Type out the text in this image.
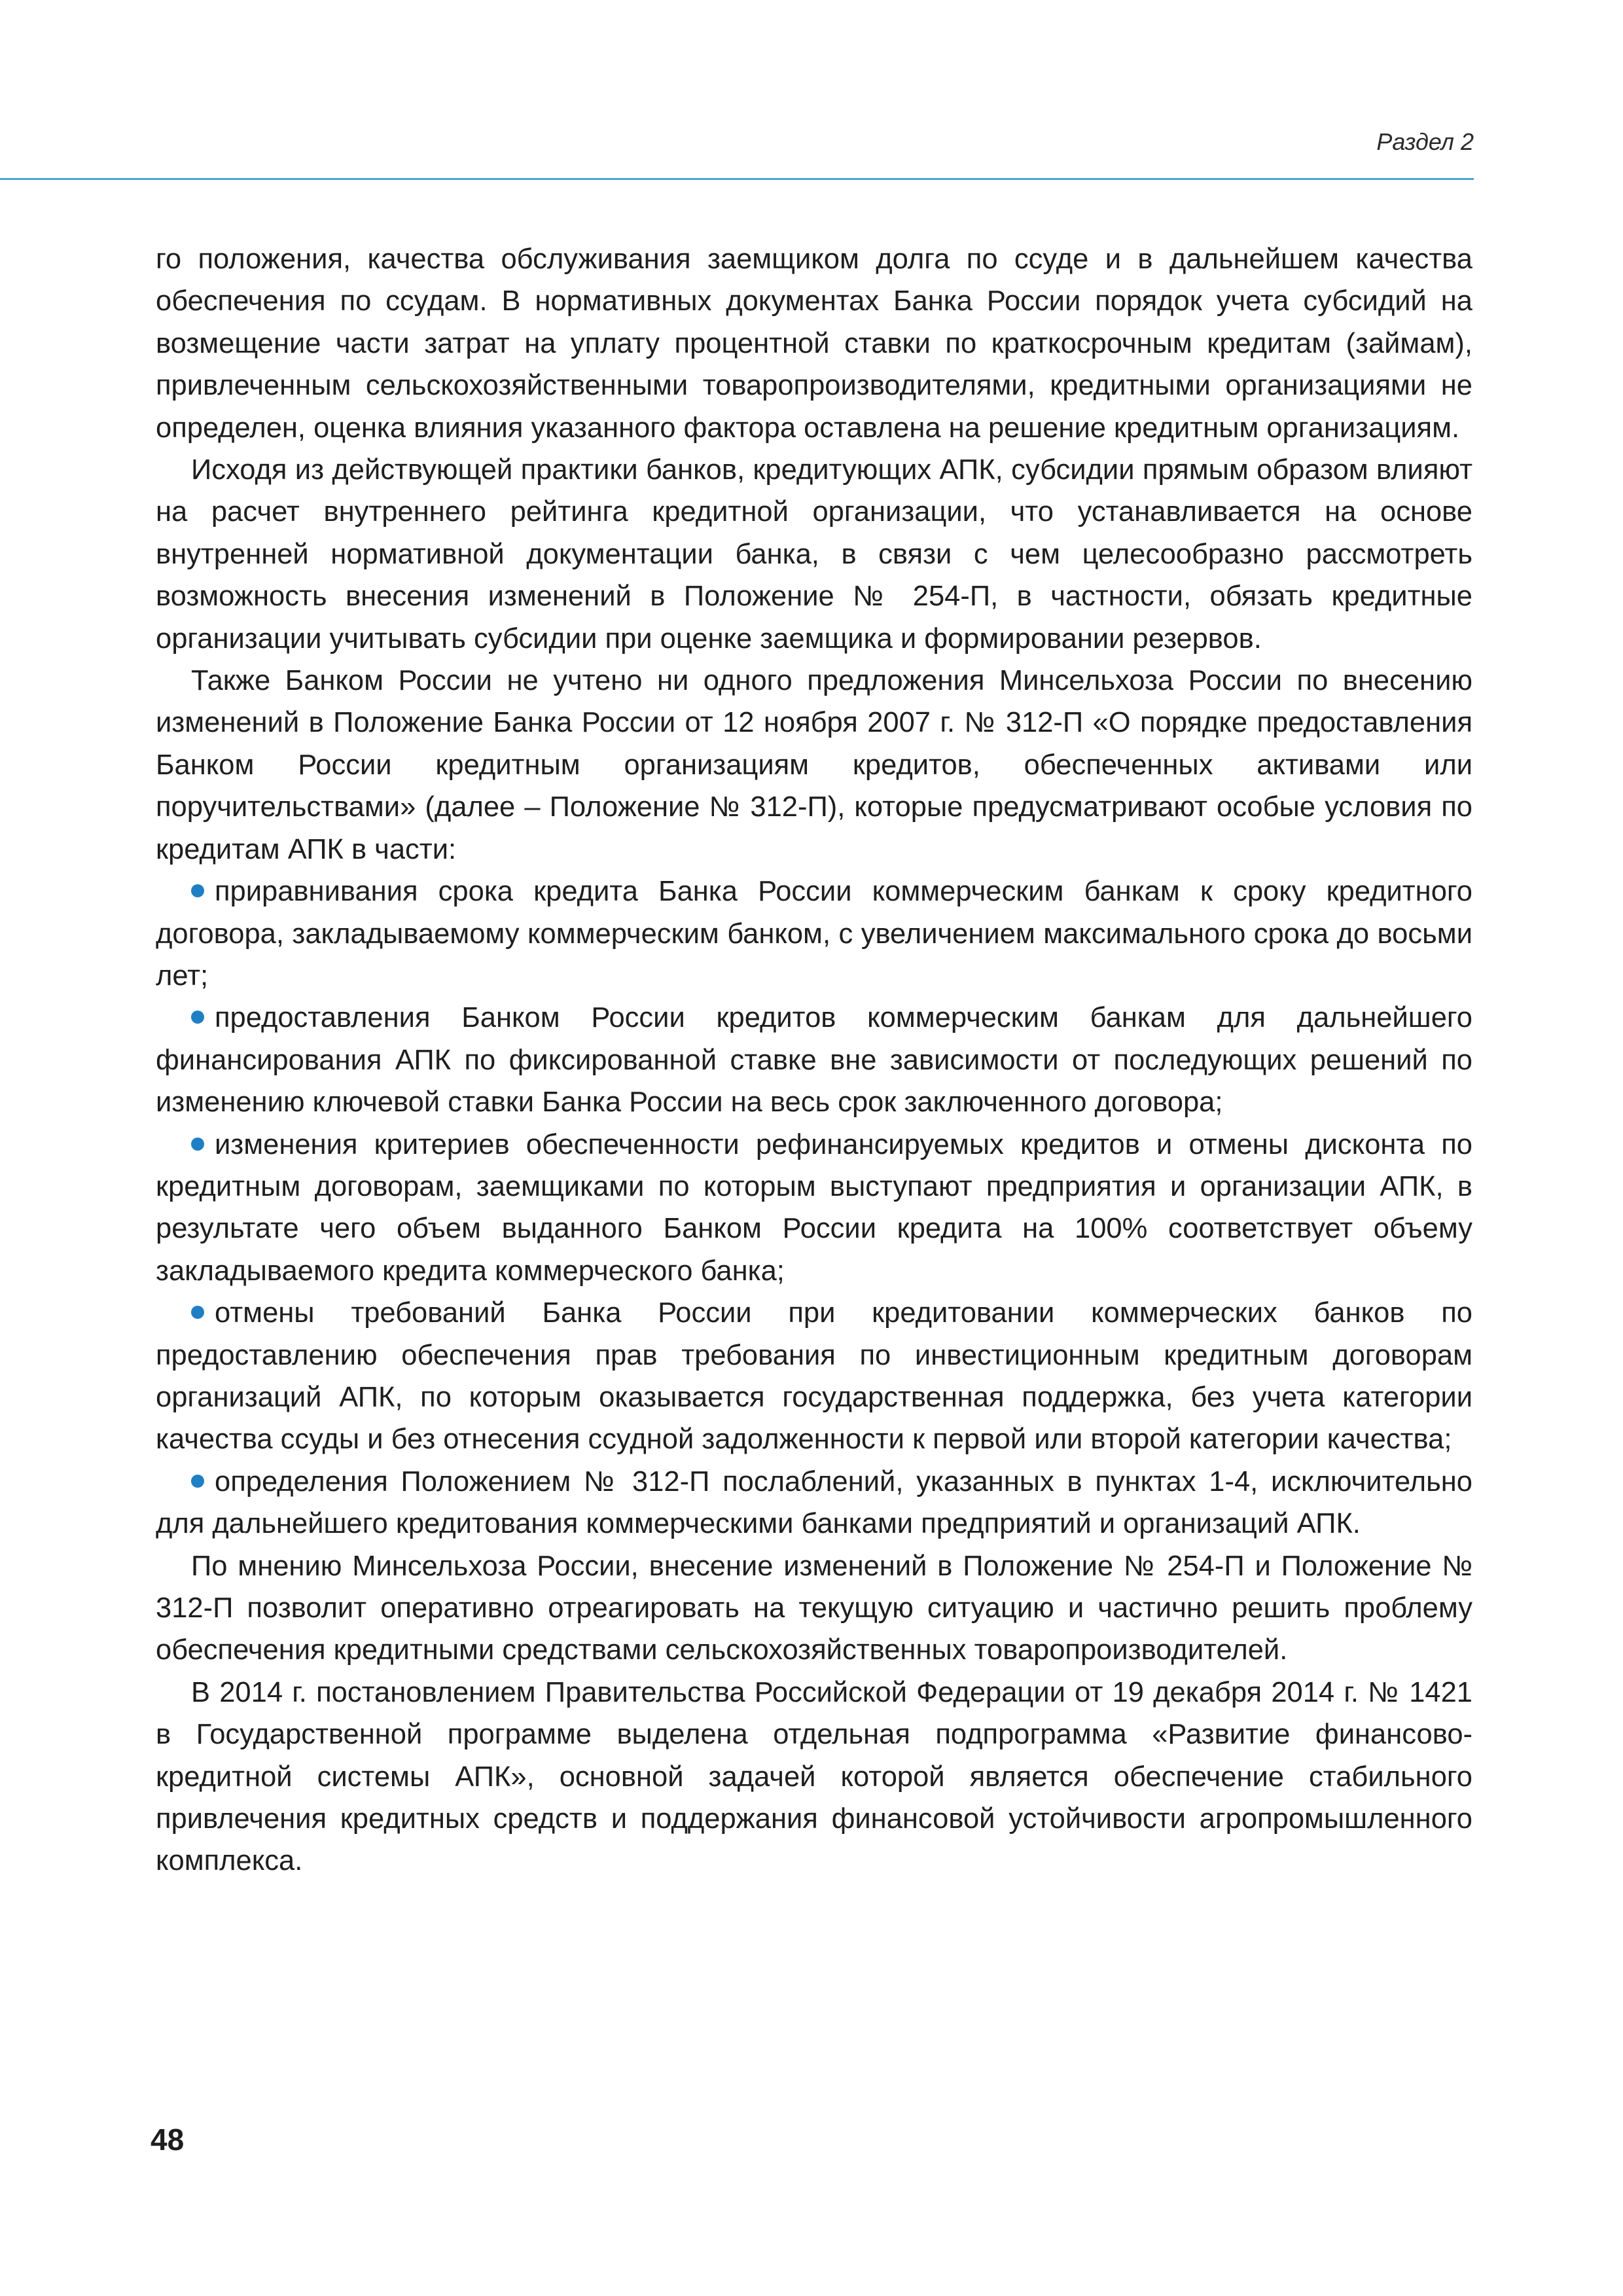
Раздел 2

го положения, качества обслуживания заемщиком долга по ссуде и в дальнейшем качества обеспечения по ссудам. В нормативных документах Банка России порядок учета субсидий на возмещение части затрат на уплату процентной ставки по краткосрочным кредитам (займам), привлеченным сельскохозяйственными товаропроизводителями, кредитными организациями не определен, оценка влияния указанного фактора оставлена на решение кредитным организациям.

Исходя из действующей практики банков, кредитующих АПК, субсидии прямым образом влияют на расчет внутреннего рейтинга кредитной организации, что устанавливается на основе внутренней нормативной документации банка, в связи с чем целесообразно рассмотреть возможность внесения изменений в Положение № 254-П, в частности, обязать кредитные организации учитывать субсидии при оценке заемщика и формировании резервов.

Также Банком России не учтено ни одного предложения Минсельхоза России по внесению изменений в Положение Банка России от 12 ноября 2007 г. № 312-П «О порядке предоставления Банком России кредитным организациям кредитов, обеспеченных активами или поручительствами» (далее – Положение № 312-П), которые предусматривают особые условия по кредитам АПК в части:

приравнивания срока кредита Банка России коммерческим банкам к сроку кредитного договора, закладываемому коммерческим банком, с увеличением максимального срока до восьми лет;

предоставления Банком России кредитов коммерческим банкам для дальнейшего финансирования АПК по фиксированной ставке вне зависимости от последующих решений по изменению ключевой ставки Банка России на весь срок заключенного договора;

изменения критериев обеспеченности рефинансируемых кредитов и отмены дисконта по кредитным договорам, заемщиками по которым выступают предприятия и организации АПК, в результате чего объем выданного Банком России кредита на 100% соответствует объему закладываемого кредита коммерческого банка;

отмены требований Банка России при кредитовании коммерческих банков по предоставлению обеспечения прав требования по инвестиционным кредитным договорам организаций АПК, по которым оказывается государственная поддержка, без учета категории качества ссуды и без отнесения ссудной задолженности к первой или второй категории качества;

определения Положением № 312-П послаблений, указанных в пунктах 1-4, исключительно для дальнейшего кредитования коммерческими банками предприятий и организаций АПК.

По мнению Минсельхоза России, внесение изменений в Положение № 254-П и Положение № 312-П позволит оперативно отреагировать на текущую ситуацию и частично решить проблему обеспечения кредитными средствами сельскохозяйственных товаропроизводителей.

В 2014 г. постановлением Правительства Российской Федерации от 19 декабря 2014 г. № 1421 в Государственной программе выделена отдельная подпрограмма «Развитие финансово-кредитной системы АПК», основной задачей которой является обеспечение стабильного привлечения кредитных средств и поддержания финансовой устойчивости агропромышленного комплекса.

48
